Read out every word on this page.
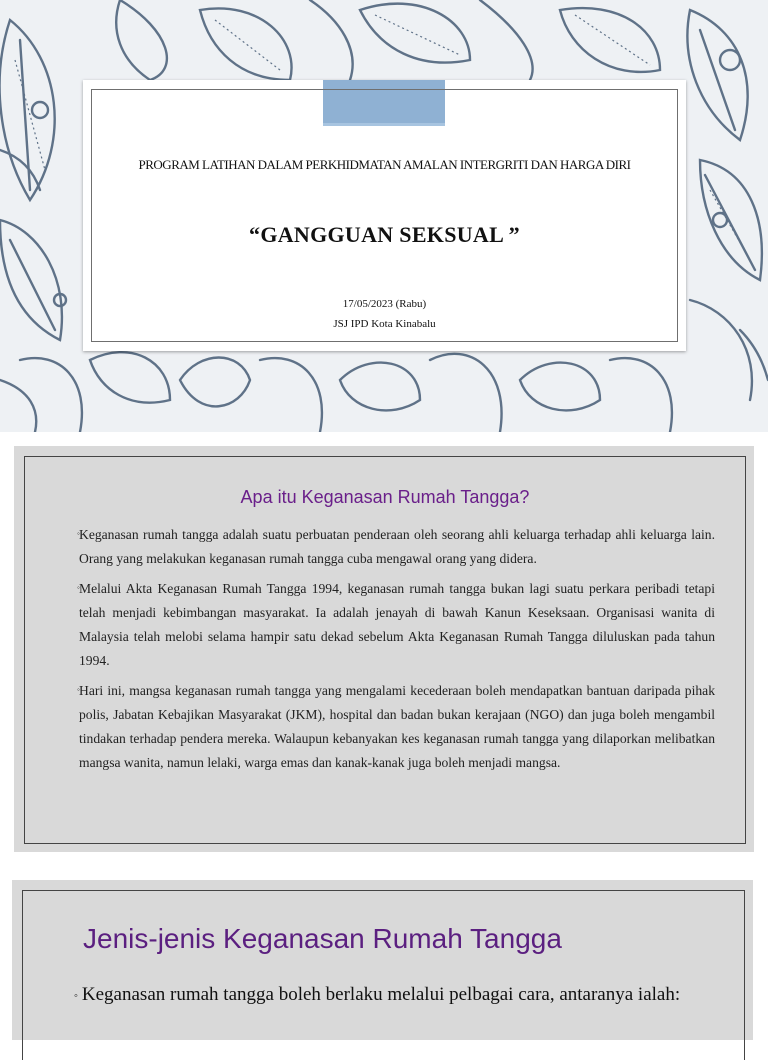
PROGRAM LATIHAN DALAM PERKHIDMATAN AMALAN INTERGRITI DAN HARGA DIRI
“GANGGUAN SEKSUAL ”
17/05/2023 (Rabu)
JSJ IPD Kota Kinabalu
Apa itu Keganasan Rumah Tangga?

◦ Keganasan rumah tangga adalah suatu perbuatan penderaan oleh seorang ahli keluarga terhadap ahli keluarga lain. Orang yang melakukan keganasan rumah tangga cuba mengawal orang yang didera.

◦ Melalui Akta Keganasan Rumah Tangga 1994, keganasan rumah tangga bukan lagi suatu perkara peribadi tetapi telah menjadi kebimbangan masyarakat. Ia adalah jenayah di bawah Kanun Keseksaan. Organisasi wanita di Malaysia telah melobi selama hampir satu dekad sebelum Akta Keganasan Rumah Tangga diluluskan pada tahun 1994.

◦ Hari ini, mangsa keganasan rumah tangga yang mengalami kecederaan boleh mendapatkan bantuan daripada pihak polis, Jabatan Kebajikan Masyarakat (JKM), hospital dan badan bukan kerajaan (NGO) dan juga boleh mengambil tindakan terhadap pendera mereka. Walaupun kebanyakan kes keganasan rumah tangga yang dilaporkan melibatkan mangsa wanita, namun lelaki, warga emas dan kanak-kanak juga boleh menjadi mangsa.

Jenis-jenis Keganasan Rumah Tangga
◦ Keganasan rumah tangga boleh berlaku melalui pelbagai cara, antaranya ialah:
